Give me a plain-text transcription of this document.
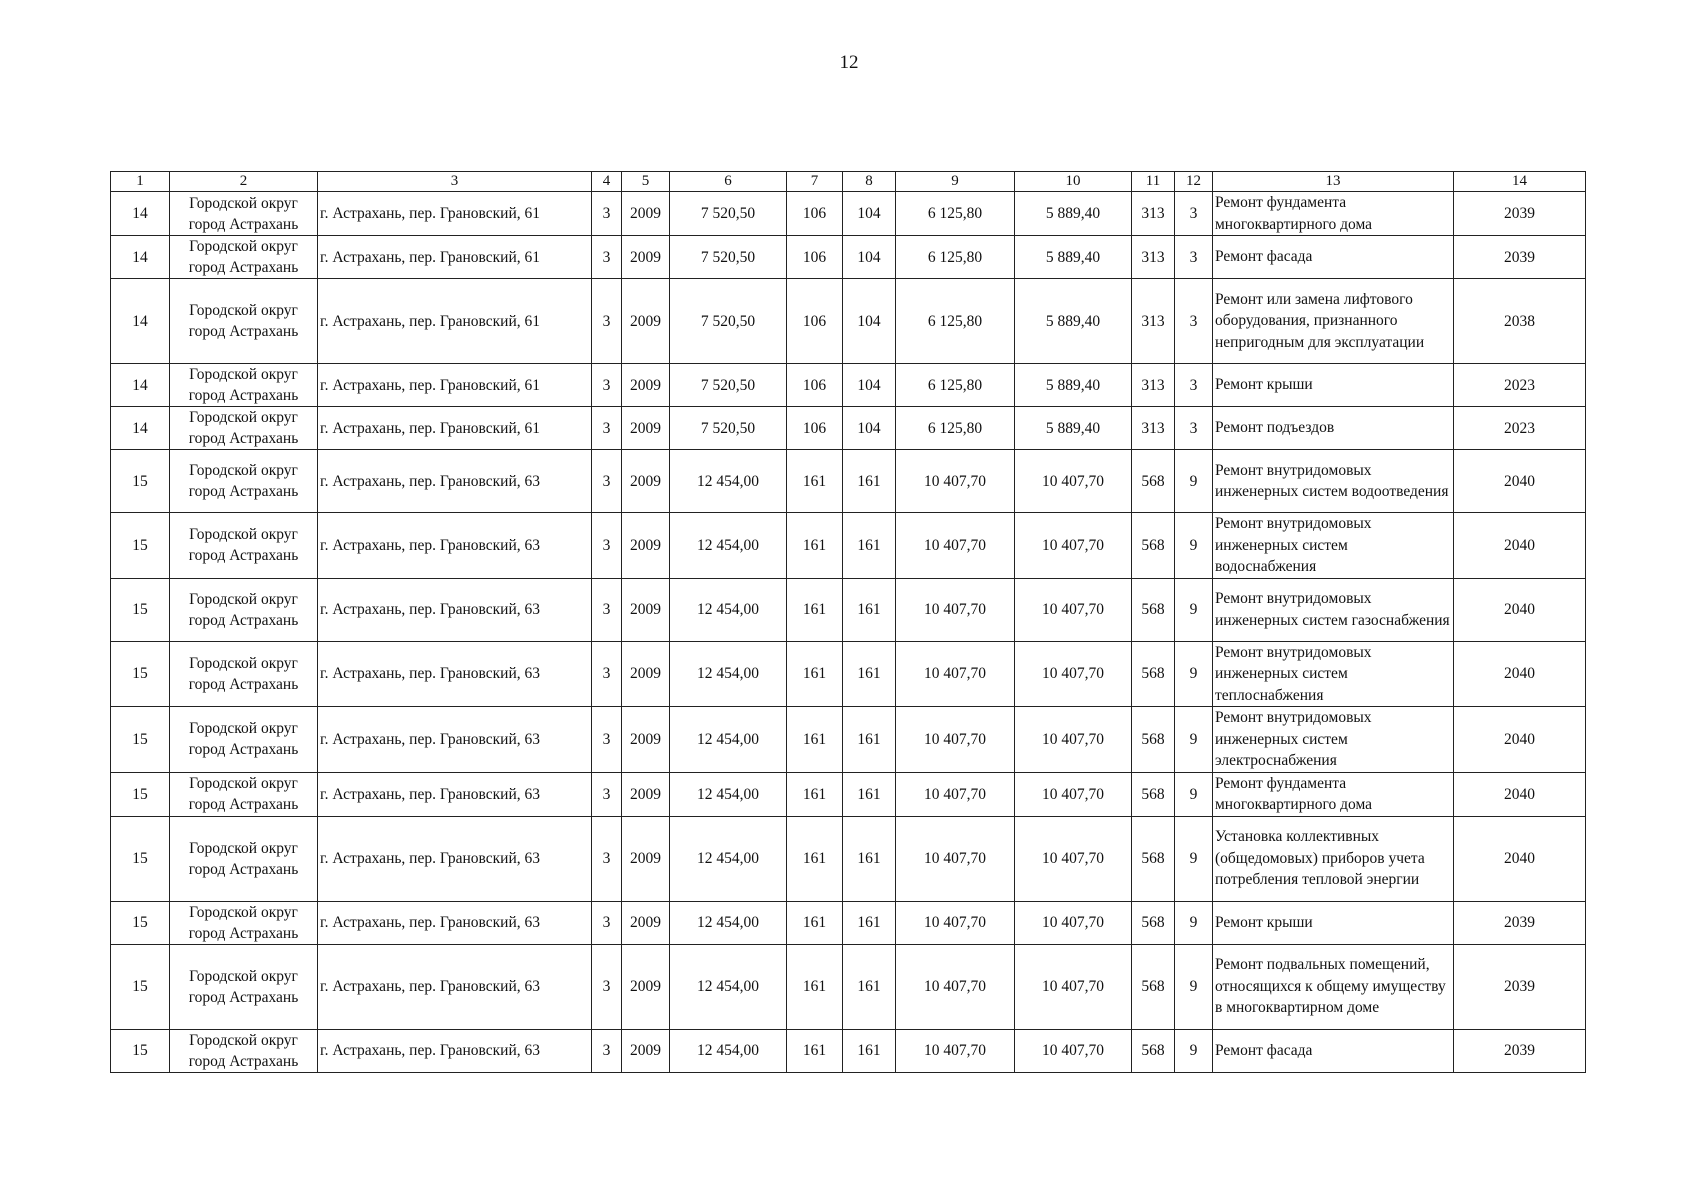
12
1	2	3	4	5	6	7	8	9	10	11	12	13	14
14	Городской округ город Астрахань	г. Астрахань, пер. Грановский, 61	3	2009	7 520,50	106	104	6 125,80	5 889,40	313	3	Ремонт фундамента многоквартирного дома	2039
14	Городской округ город Астрахань	г. Астрахань, пер. Грановский, 61	3	2009	7 520,50	106	104	6 125,80	5 889,40	313	3	Ремонт фасада	2039
14	Городской округ город Астрахань	г. Астрахань, пер. Грановский, 61	3	2009	7 520,50	106	104	6 125,80	5 889,40	313	3	Ремонт или замена лифтового оборудования, признанного непригодным для эксплуатации	2038
14	Городской округ город Астрахань	г. Астрахань, пер. Грановский, 61	3	2009	7 520,50	106	104	6 125,80	5 889,40	313	3	Ремонт крыши	2023
14	Городской округ город Астрахань	г. Астрахань, пер. Грановский, 61	3	2009	7 520,50	106	104	6 125,80	5 889,40	313	3	Ремонт подъездов	2023
15	Городской округ город Астрахань	г. Астрахань, пер. Грановский, 63	3	2009	12 454,00	161	161	10 407,70	10 407,70	568	9	Ремонт внутридомовых инженерных систем водоотведения	2040
15	Городской округ город Астрахань	г. Астрахань, пер. Грановский, 63	3	2009	12 454,00	161	161	10 407,70	10 407,70	568	9	Ремонт внутридомовых инженерных систем водоснабжения	2040
15	Городской округ город Астрахань	г. Астрахань, пер. Грановский, 63	3	2009	12 454,00	161	161	10 407,70	10 407,70	568	9	Ремонт внутридомовых инженерных систем газоснабжения	2040
15	Городской округ город Астрахань	г. Астрахань, пер. Грановский, 63	3	2009	12 454,00	161	161	10 407,70	10 407,70	568	9	Ремонт внутридомовых инженерных систем теплоснабжения	2040
15	Городской округ город Астрахань	г. Астрахань, пер. Грановский, 63	3	2009	12 454,00	161	161	10 407,70	10 407,70	568	9	Ремонт внутридомовых инженерных систем электроснабжения	2040
15	Городской округ город Астрахань	г. Астрахань, пер. Грановский, 63	3	2009	12 454,00	161	161	10 407,70	10 407,70	568	9	Ремонт фундамента многоквартирного дома	2040
15	Городской округ город Астрахань	г. Астрахань, пер. Грановский, 63	3	2009	12 454,00	161	161	10 407,70	10 407,70	568	9	Установка коллективных (общедомовых) приборов учета потребления тепловой энергии	2040
15	Городской округ город Астрахань	г. Астрахань, пер. Грановский, 63	3	2009	12 454,00	161	161	10 407,70	10 407,70	568	9	Ремонт крыши	2039
15	Городской округ город Астрахань	г. Астрахань, пер. Грановский, 63	3	2009	12 454,00	161	161	10 407,70	10 407,70	568	9	Ремонт подвальных помещений, относящихся к общему имуществу в многоквартирном доме	2039
15	Городской округ город Астрахань	г. Астрахань, пер. Грановский, 63	3	2009	12 454,00	161	161	10 407,70	10 407,70	568	9	Ремонт фасада	2039
